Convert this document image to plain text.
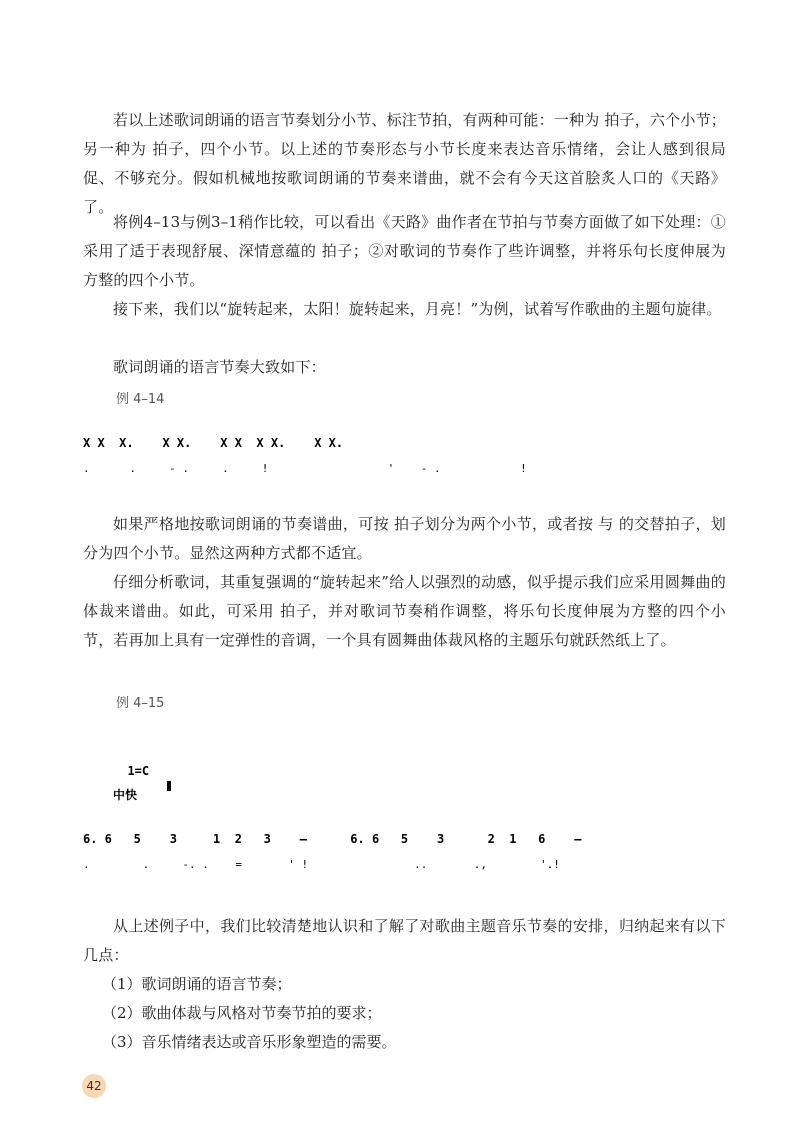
若以上述歌词朗诵的语言节奏划分小节、标注节拍，有两种可能：一种为 拍子，六个小节；另一种为 拍子，四个小节。以上述的节奏形态与小节长度来表达音乐情绪，会让人感到很局促、不够充分。假如机械地按歌词朗诵的节奏来谱曲，就不会有今天这首脍炙人口的《天路》了。
将例4–13与例3–1稍作比较，可以看出《天路》曲作者在节拍与节奏方面做了如下处理：①采用了适于表现舒展、深情意蕴的 拍子；②对歌词的节奏作了些许调整，并将乐句长度伸展为方整的四个小节。
接下来，我们以“旋转起来，太阳！旋转起来，月亮！”为例，试着写作歌曲的主题句旋律。
歌词朗诵的语言节奏大致如下：
例 4–14
X X  X.    X X.    X X  X X.    X X.
.      .     - .     .     !                  '    - .            !
如果严格地按歌词朗诵的节奏谱曲，可按 拍子划分为两个小节，或者按 与 的交替拍子，划分为四个小节。显然这两种方式都不适宜。
仔细分析歌词，其重复强调的“旋转起来”给人以强烈的动感，似乎提示我们应采用圆舞曲的体裁来谱曲。如此，可采用 拍子，并对歌词节奏稍作调整，将乐句长度伸展为方整的四个小节，若再加上具有一定弹性的音调，一个具有圆舞曲体裁风格的主题乐句就跃然纸上了。
例 4–15

1=C

中快
6. 6   5    3     1  2   3    –      6. 6   5    3      2  1   6    –
.        .     -. .    =       ' !                ..       .,        '.!
从上述例子中，我们比较清楚地认识和了解了对歌曲主题音乐节奏的安排，归纳起来有以下几点：
（1）歌词朗诵的语言节奏；
（2）歌曲体裁与风格对节奏节拍的要求；
（3）音乐情绪表达或音乐形象塑造的需要。
42
